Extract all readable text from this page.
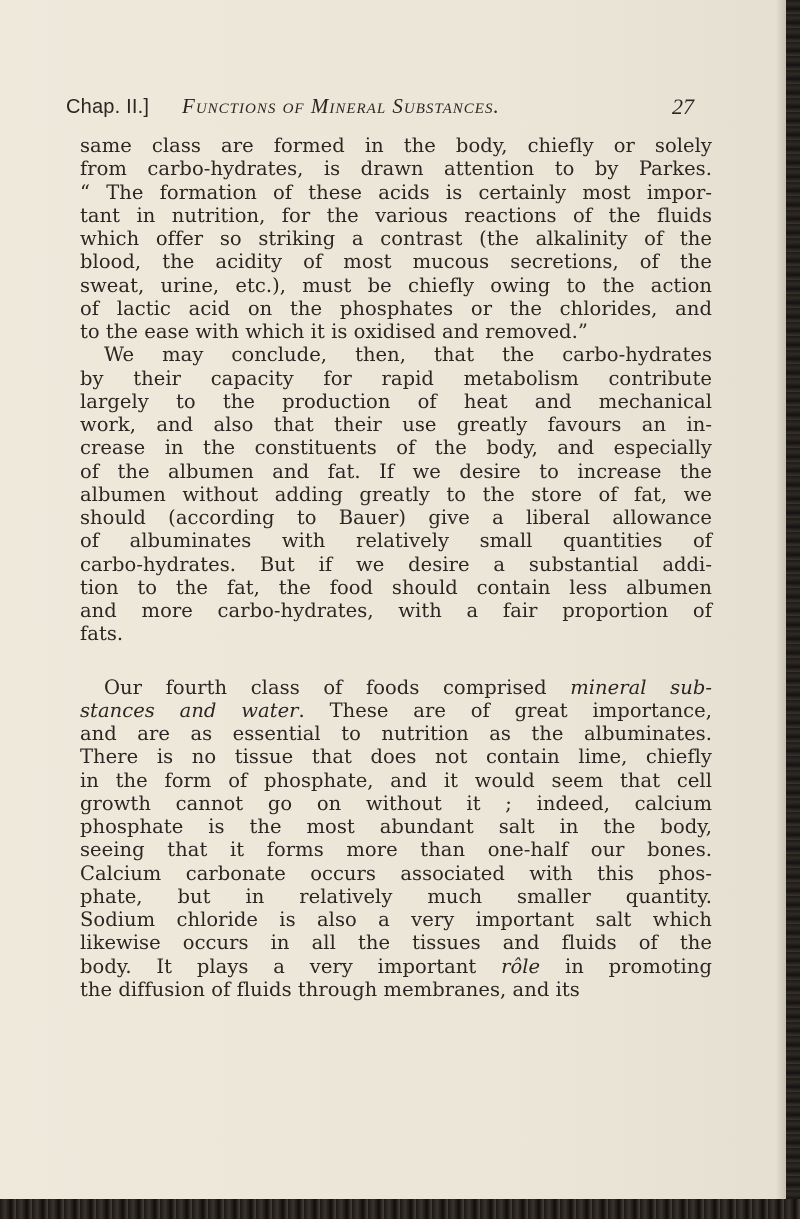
Chap. II.] Functions of Mineral Substances.	27
same class are formed in the body, chiefly or solely
from carbo-hydrates, is drawn attention to by Parkes.
“ The formation of these acids is certainly most impor-
tant in nutrition, for the various reactions of the fluids
which offer so striking a contrast (the alkalinity of the
blood, the acidity of most mucous secretions, of the
sweat, urine, etc.), must be chiefly owing to the action
of lactic acid on the phosphates or the chlorides, and
to the ease with which it is oxidised and removed.”
We may conclude, then, that the carbo-hydrates
by their capacity for rapid metabolism contribute
largely to the production of heat and mechanical
work, and also that their use greatly favours an in-
crease in the constituents of the body, and especially
of the albumen and fat. If we desire to increase the
albumen without adding greatly to the store of fat, we
should (according to Bauer) give a liberal allowance
of albuminates with relatively small quantities of
carbo-hydrates. But if we desire a substantial addi-
tion to the fat, the food should contain less albumen
and more carbo-hydrates, with a fair proportion of
fats.
Our fourth class of foods comprised mineral sub-
stances and water. These are of great importance,
and are as essential to nutrition as the albuminates.
There is no tissue that does not contain lime, chiefly
in the form of phosphate, and it would seem that cell
growth cannot go on without it ; indeed, calcium
phosphate is the most abundant salt in the body,
seeing that it forms more than one-half our bones.
Calcium carbonate occurs associated with this phos-
phate, but in relatively much smaller quantity.
Sodium chloride is also a very important salt which
likewise occurs in all the tissues and fluids of the
body. It plays a very important rôle in promoting
the diffusion of fluids through membranes, and its
